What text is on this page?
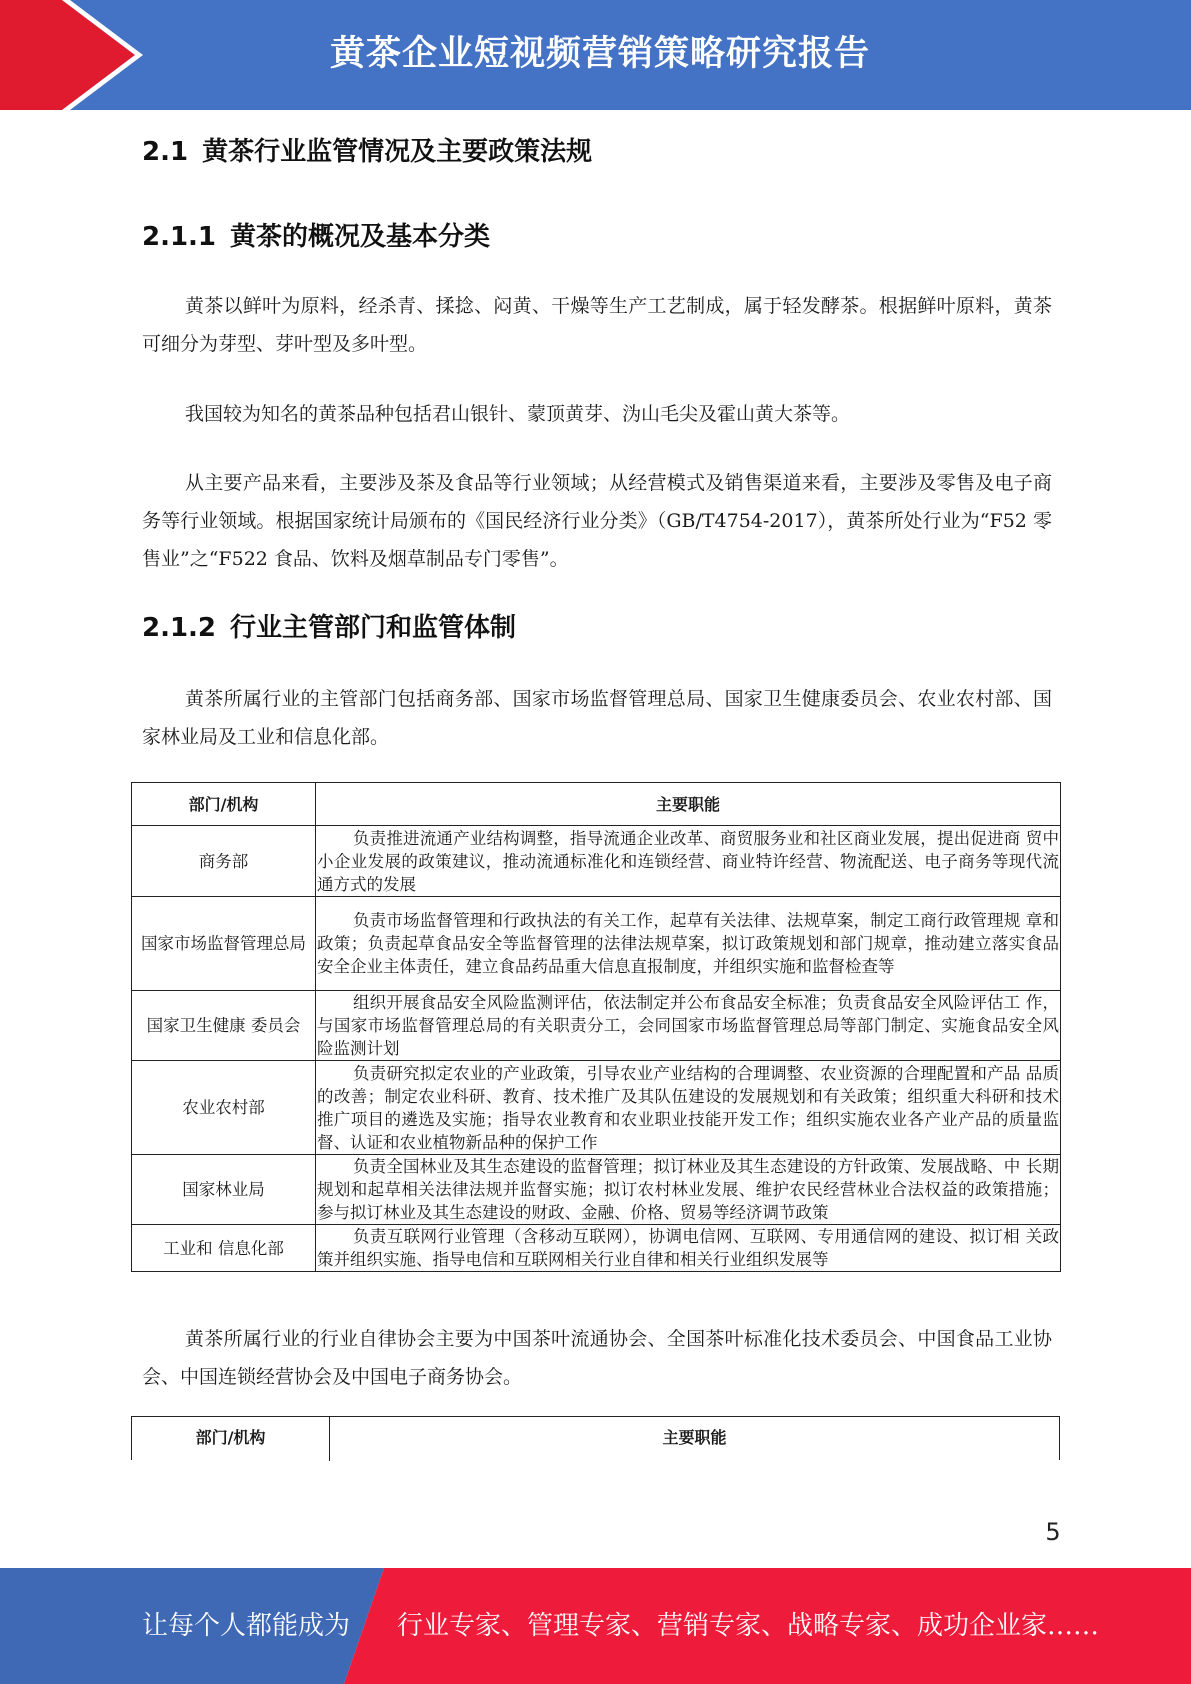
黄茶企业短视频营销策略研究报告
2.1 黄茶行业监管情况及主要政策法规
2.1.1 黄茶的概况及基本分类
黄茶以鲜叶为原料，经杀青、揉捻、闷黄、干燥等生产工艺制成，属于轻发酵茶。根据鲜叶原料，黄茶可细分为芽型、芽叶型及多叶型。
我国较为知名的黄茶品种包括君山银针、蒙顶黄芽、沩山毛尖及霍山黄大茶等。
从主要产品来看，主要涉及茶及食品等行业领域；从经营模式及销售渠道来看，主要涉及零售及电子商务等行业领域。根据国家统计局颁布的《国民经济行业分类》（GB/T4754-2017），黄茶所处行业为“F52 零售业”之“F522 食品、饮料及烟草制品专门零售”。
2.1.2 行业主管部门和监管体制
黄茶所属行业的主管部门包括商务部、国家市场监督管理总局、国家卫生健康委员会、农业农村部、国家林业局及工业和信息化部。
部门/机构	主要职能
商务部	负责推进流通产业结构调整，指导流通企业改革、商贸服务业和社区商业发展，提出促进商 贸中小企业发展的政策建议，推动流通标准化和连锁经营、商业特许经营、物流配送、电子商务等现代流通方式的发展
国家市场监督管理总局	负责市场监督管理和行政执法的有关工作，起草有关法律、法规草案，制定工商行政管理规 章和政策；负责起草食品安全等监督管理的法律法规草案，拟订政策规划和部门规章，推动建立落实食品安全企业主体责任，建立食品药品重大信息直报制度，并组织实施和监督检查等
国家卫生健康 委员会	组织开展食品安全风险监测评估，依法制定并公布食品安全标准；负责食品安全风险评估工 作，与国家市场监督管理总局的有关职责分工，会同国家市场监督管理总局等部门制定、实施食品安全风险监测计划
农业农村部	负责研究拟定农业的产业政策，引导农业产业结构的合理调整、农业资源的合理配置和产品 品质的改善；制定农业科研、教育、技术推广及其队伍建设的发展规划和有关政策；组织重大科研和技术推广项目的遴选及实施；指导农业教育和农业职业技能开发工作；组织实施农业各产业产品的质量监督、认证和农业植物新品种的保护工作
国家林业局	负责全国林业及其生态建设的监督管理；拟订林业及其生态建设的方针政策、发展战略、中 长期规划和起草相关法律法规并监督实施；拟订农村林业发展、维护农民经营林业合法权益的政策措施；参与拟订林业及其生态建设的财政、金融、价格、贸易等经济调节政策
工业和 信息化部	负责互联网行业管理（含移动互联网），协调电信网、互联网、专用通信网的建设、拟订相 关政策并组织实施、指导电信和互联网相关行业自律和相关行业组织发展等
黄茶所属行业的行业自律协会主要为中国茶叶流通协会、全国茶叶标准化技术委员会、中国食品工业协会、中国连锁经营协会及中国电子商务协会。
部门/机构	主要职能
5
让每个人都能成为 行业专家、管理专家、营销专家、战略专家、成功企业家……
